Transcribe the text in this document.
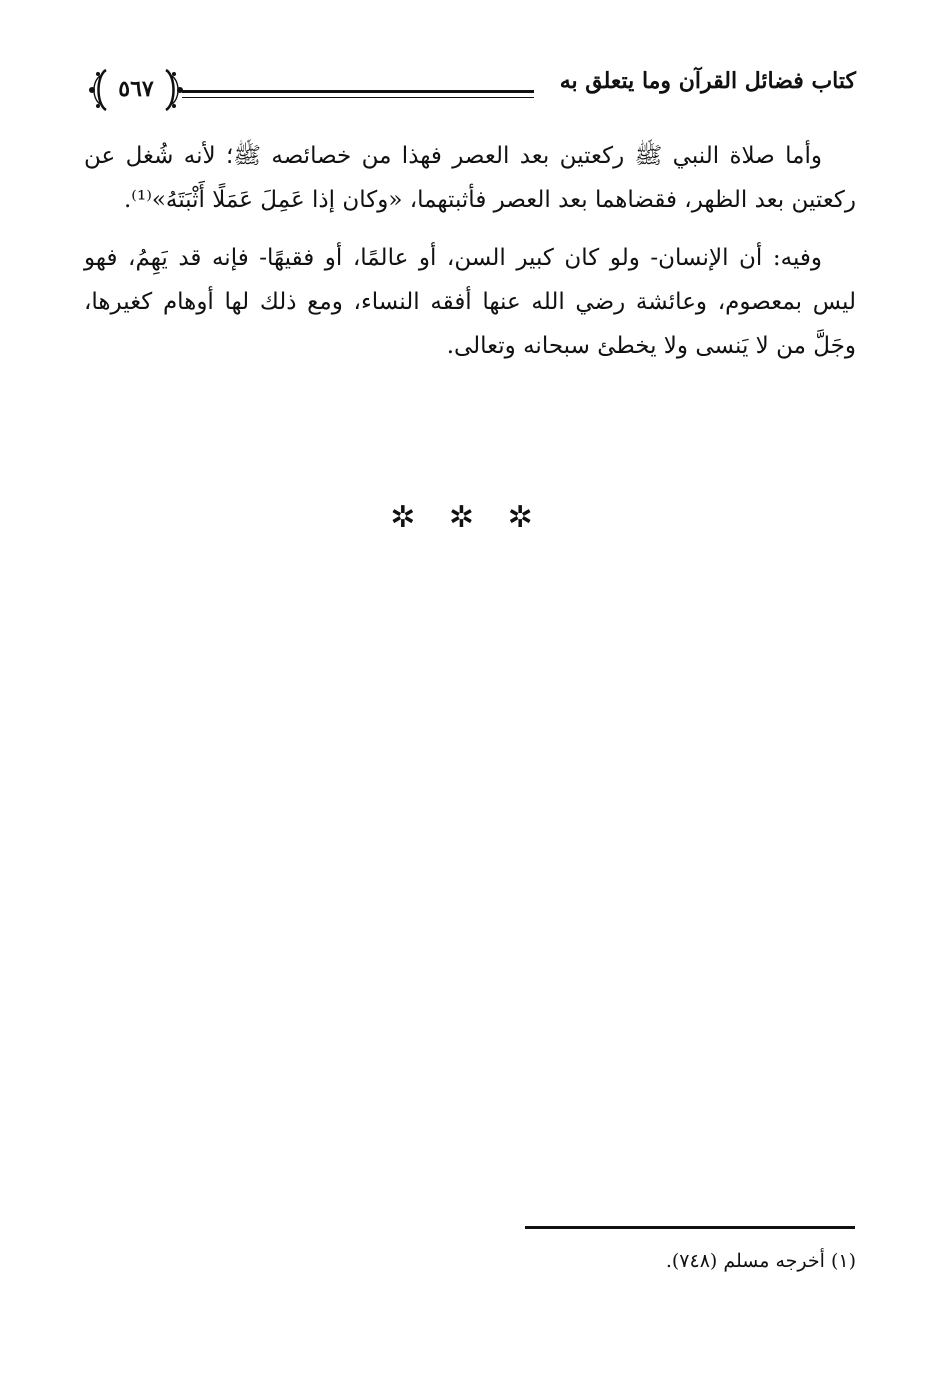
كتاب فضائل القرآن وما يتعلق به
٥٦٧

وأما صلاة النبي ﷺ ركعتين بعد العصر فهذا من خصائصه ﷺ؛ لأنه شُغل عن ركعتين بعد الظهر، فقضاهما بعد العصر فأثبتهما، «وكان إذا عَمِلَ عَمَلًا أَثْبَتَهُ»⁽¹⁾.

وفيه: أن الإنسان- ولو كان كبير السن، أو عالمًا، أو فقيهًا- فإنه قد يَهِمُ، فهو ليس بمعصوم، وعائشة رضي الله عنها أفقه النساء، ومع ذلك لها أوهام كغيرها، وجَلَّ من لا يَنسى ولا يخطئ سبحانه وتعالى.

✲ ✲ ✲
(١) أخرجه مسلم (٧٤٨).
